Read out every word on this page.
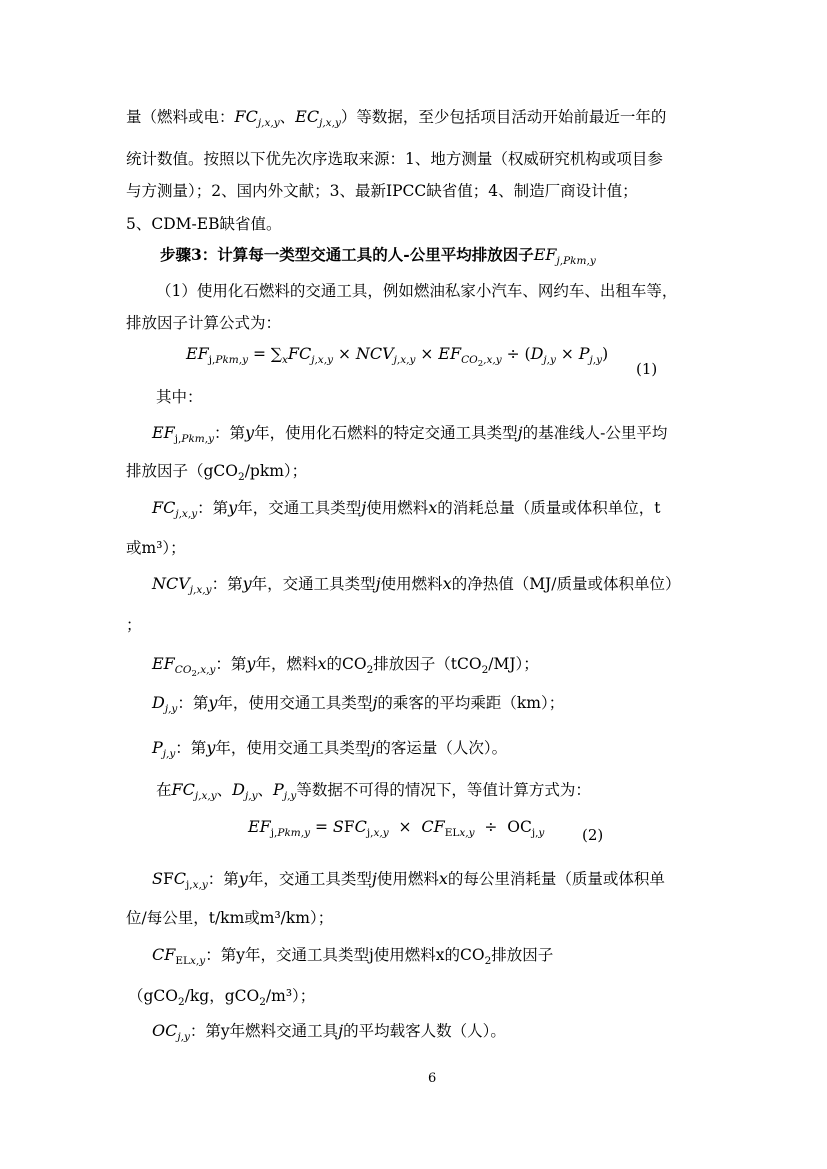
量（燃料或电：$FC_{j,x,y}$、$EC_{j,x,y}$）等数据，至少包括项目活动开始前最近一年的
统计数值。按照以下优先次序选取来源：1、地方测量（权威研究机构或项目参
与方测量）；2、国内外文献；3、最新IPCC缺省值；4、制造厂商设计值；
5、CDM-EB缺省值。
步骤3：计算每一类型交通工具的人-公里平均排放因子$EF_{j,Pkm,y}$
（1）使用化石燃料的交通工具，例如燃油私家小汽车、网约车、出租车等，
排放因子计算公式为：
$EF_{j,Pkm,y} = \sum_xFC_{j,x,y} \times NCV_{j,x,y} \times EF_{CO_2,x,y} \div (D_{j,y} \times P_{j,y})$
(1)
其中：
$EF_{j,Pkm,y}$：第y年，使用化石燃料的特定交通工具类型j的基准线人-公里平均
排放因子（gCO$_2$/pkm）；
$FC_{j,x,y}$：第y年，交通工具类型j使用燃料x的消耗总量（质量或体积单位，t
或m³）；
$NCV_{j,x,y}$：第y年，交通工具类型j使用燃料x的净热值（MJ/质量或体积单位）
；
$EF_{CO_2,x,y}$：第y年，燃料x的$CO_2$排放因子（tCO$_2$/MJ）；
$D_{j,y}$：第y年，使用交通工具类型j的乘客的平均乘距（km）；
$P_{j,y}$：第y年，使用交通工具类型j的客运量（人次）。
在$FC_{j,x,y}$、$D_{j,y}$、$P_{j,y}$等数据不可得的情况下，等值计算方式为：
$EF_{j,Pkm,y} = SFC_{j,x,y} \times CF_{ELx,y} \div OC_{j,y}$	(2)
$SFC_{j,x,y}$：第y年，交通工具类型j使用燃料x的每公里消耗量（质量或体积单
位/每公里，t/km或m³/km）；
$CF_{ELx,y}$：第y年，交通工具类型j使用燃料x的$CO_2$排放因子
（gCO$_2$/kg，gCO$_2$/m³）；
$OC_{j,y}$：第y年燃料交通工具j的平均载客人数（人）。
6
